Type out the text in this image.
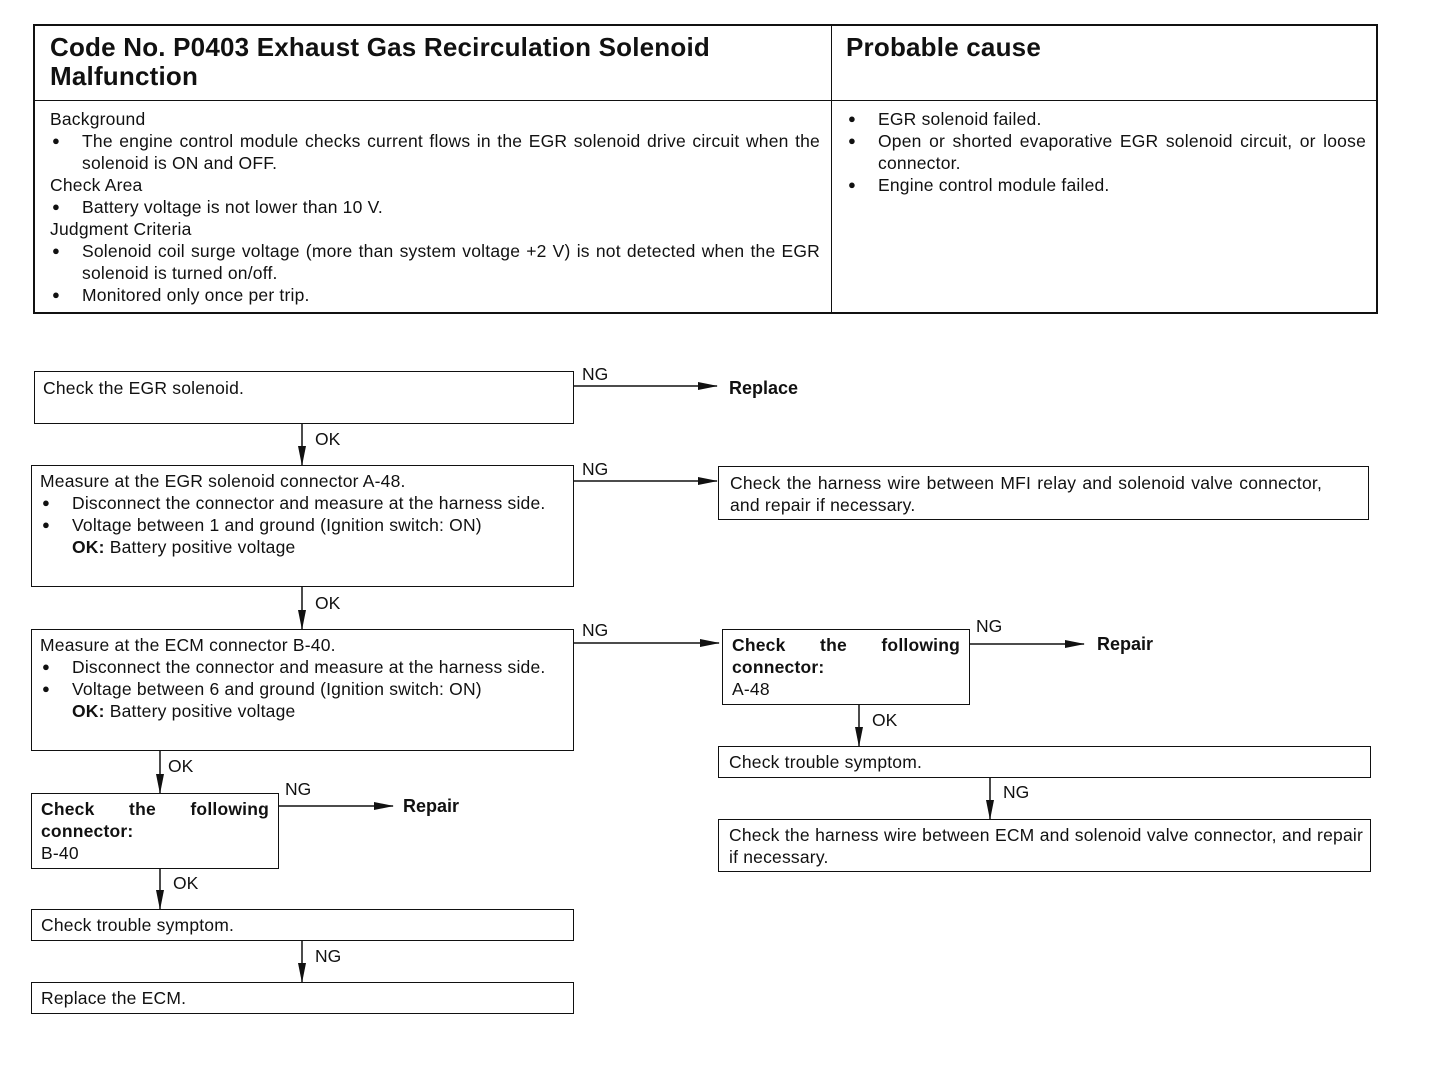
Code No. P0403 Exhaust Gas Recirculation Solenoid Malfunction
Probable cause
Background
● The engine control module checks current flows in the EGR solenoid drive circuit when the solenoid is ON and OFF.
Check Area
● Battery voltage is not lower than 10 V.
Judgment Criteria
● Solenoid coil surge voltage (more than system voltage +2 V) is not detected when the EGR solenoid is turned on/off.
● Monitored only once per trip.
● EGR solenoid failed.
● Open or shorted evaporative EGR solenoid circuit, or loose connector.
● Engine control module failed.
NG
OK
NG
OK
NG
OK
NG
OK
NG
NG
OK
NG
Replace
Repair
Repair
Check the EGR solenoid.
Measure at the EGR solenoid connector A-48.
● Disconnect the connector and measure at the harness side.
● Voltage between 1 and ground (Ignition switch: ON)
OK: Battery positive voltage
Check the harness wire between MFI relay and solenoid valve connector, and repair if necessary.
Measure at the ECM connector B-40.
● Disconnect the connector and measure at the harness side.
● Voltage between 6 and ground (Ignition switch: ON)
OK: Battery positive voltage
Check the following connector:
A-48
Check trouble symptom.
Check the harness wire between ECM and solenoid valve connector, and repair if necessary.
Check the following connector:
B-40
Check trouble symptom.
Replace the ECM.
